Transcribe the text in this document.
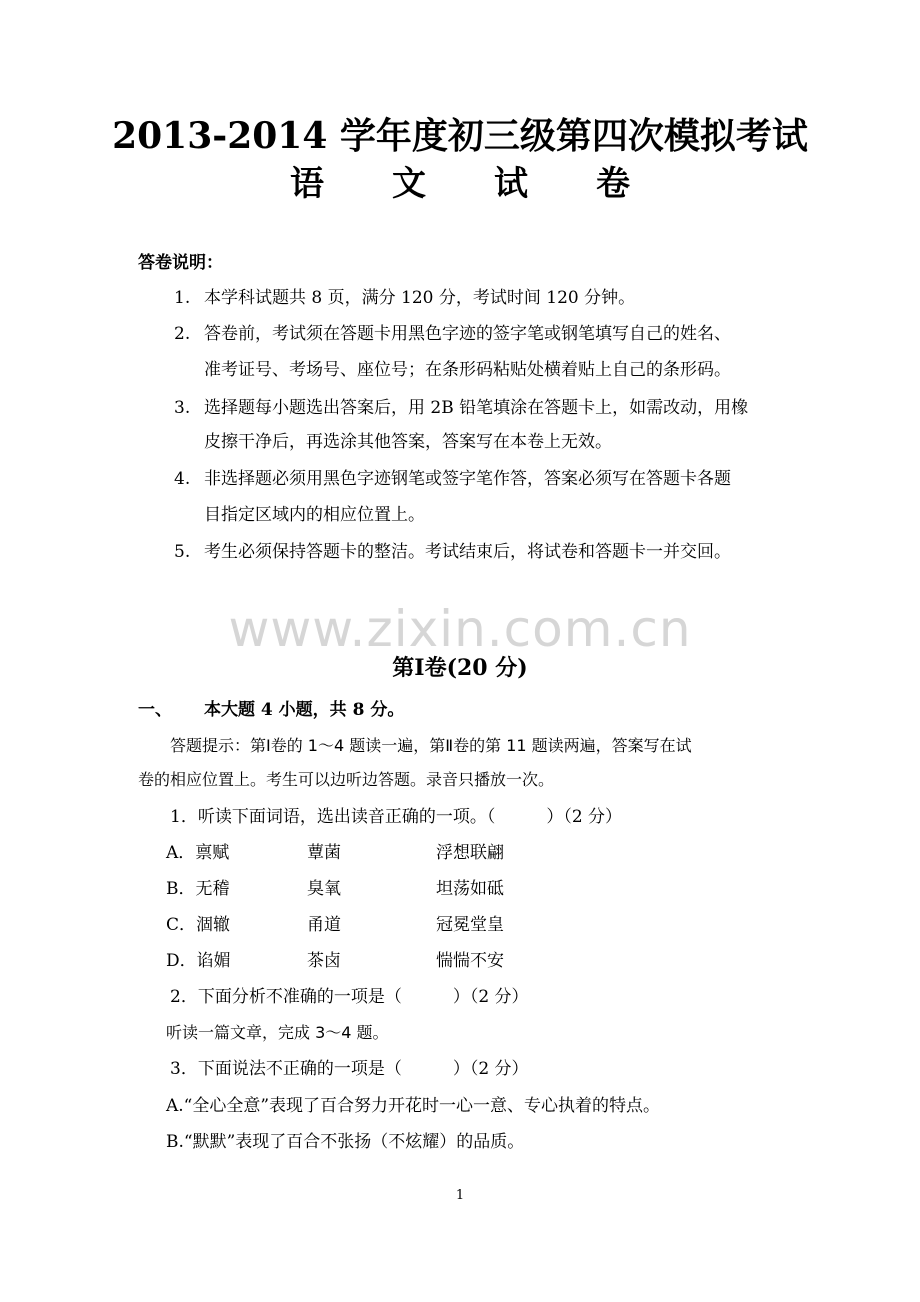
2013-2014 学年度初三级第四次模拟考试
语 文 试 卷
答卷说明：
1. 本学科试题共 8 页，满分 120 分，考试时间 120 分钟。
2. 答卷前，考试须在答题卡用黑色字迹的签字笔或钢笔填写自己的姓名、
准考证号、考场号、座位号；在条形码粘贴处横着贴上自己的条形码。
3. 选择题每小题选出答案后，用 2B 铅笔填涂在答题卡上，如需改动，用橡
皮擦干净后，再选涂其他答案，答案写在本卷上无效。
4. 非选择题必须用黑色字迹钢笔或签字笔作答，答案必须写在答题卡各题
目指定区域内的相应位置上。
5. 考生必须保持答题卡的整洁。考试结束后，将试卷和答题卡一并交回。
www.zixin.com.cn
第Ⅰ卷(20 分)
一、 本大题 4 小题，共 8 分。
答题提示：第Ⅰ卷的 1～4 题读一遍，第Ⅱ卷的第 11 题读两遍，答案写在试
卷的相应位置上。考生可以边听边答题。录音只播放一次。
1．听读下面词语，选出读音正确的一项。（　　　）（2 分）
A．禀赋	蕈菌	浮想联翩
B．无稽	臭氧	坦荡如砥
C．涸辙	甬道	冠冕堂皇
D．谄媚	茶卤	惴惴不安
2．下面分析不准确的一项是（　　　）（2 分）
听读一篇文章，完成 3～4 题。
3．下面说法不正确的一项是（　　　）（2 分）
A.“全心全意”表现了百合努力开花时一心一意、专心执着的特点。
B.“默默”表现了百合不张扬（不炫耀）的品质。
1
